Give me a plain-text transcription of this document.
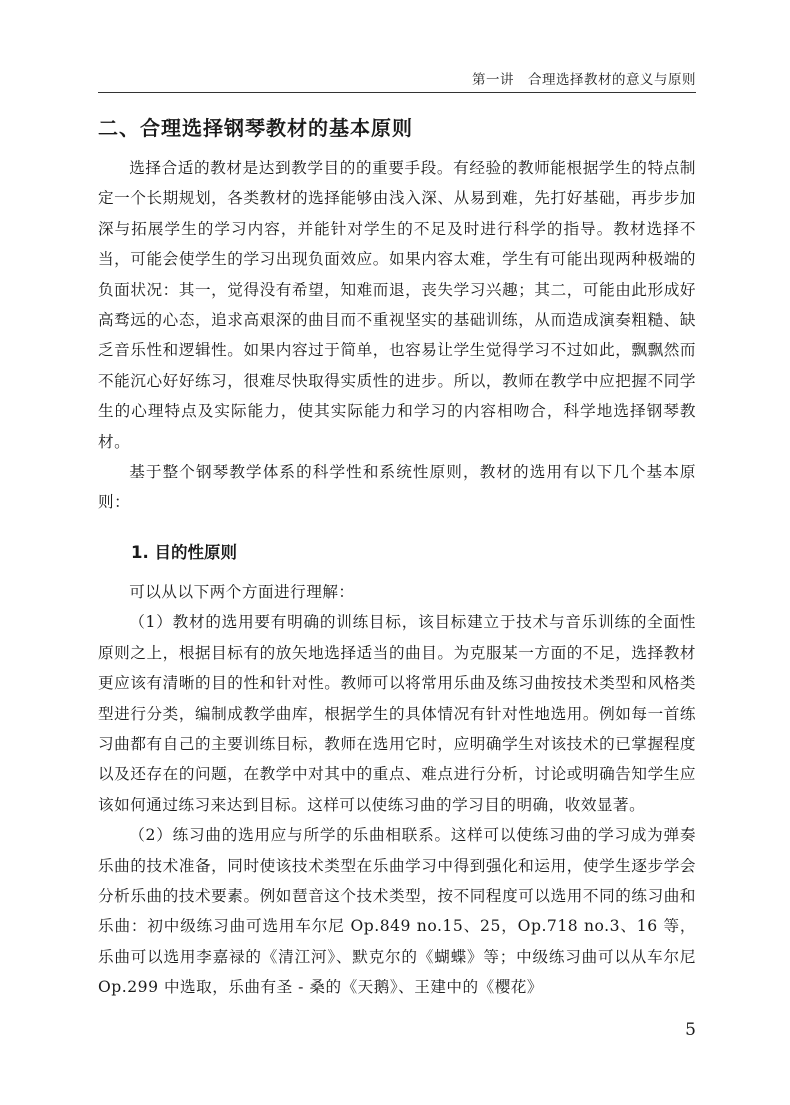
第一讲　合理选择教材的意义与原则
二、合理选择钢琴教材的基本原则

选择合适的教材是达到教学目的的重要手段。有经验的教师能根据学生的特点制定一个长期规划，各类教材的选择能够由浅入深、从易到难，先打好基础，再步步加深与拓展学生的学习内容，并能针对学生的不足及时进行科学的指导。教材选择不当，可能会使学生的学习出现负面效应。如果内容太难，学生有可能出现两种极端的负面状况：其一，觉得没有希望，知难而退，丧失学习兴趣；其二，可能由此形成好高骛远的心态，追求高艰深的曲目而不重视坚实的基础训练，从而造成演奏粗糙、缺乏音乐性和逻辑性。如果内容过于简单，也容易让学生觉得学习不过如此，飘飘然而不能沉心好好练习，很难尽快取得实质性的进步。所以，教师在教学中应把握不同学生的心理特点及实际能力，使其实际能力和学习的内容相吻合，科学地选择钢琴教材。

基于整个钢琴教学体系的科学性和系统性原则，教材的选用有以下几个基本原则：

1. 目的性原则

可以从以下两个方面进行理解：

（1）教材的选用要有明确的训练目标，该目标建立于技术与音乐训练的全面性原则之上，根据目标有的放矢地选择适当的曲目。为克服某一方面的不足，选择教材更应该有清晰的目的性和针对性。教师可以将常用乐曲及练习曲按技术类型和风格类型进行分类，编制成教学曲库，根据学生的具体情况有针对性地选用。例如每一首练习曲都有自己的主要训练目标，教师在选用它时，应明确学生对该技术的已掌握程度以及还存在的问题，在教学中对其中的重点、难点进行分析，讨论或明确告知学生应该如何通过练习来达到目标。这样可以使练习曲的学习目的明确，收效显著。

（2）练习曲的选用应与所学的乐曲相联系。这样可以使练习曲的学习成为弹奏乐曲的技术准备，同时使该技术类型在乐曲学习中得到强化和运用，使学生逐步学会分析乐曲的技术要素。例如琶音这个技术类型，按不同程度可以选用不同的练习曲和乐曲：初中级练习曲可选用车尔尼 Op.849 no.15、25，Op.718 no.3、16 等，乐曲可以选用李嘉禄的《清江河》、默克尔的《蝴蝶》等；中级练习曲可以从车尔尼 Op.299 中选取，乐曲有圣 - 桑的《天鹅》、王建中的《樱花》

5
